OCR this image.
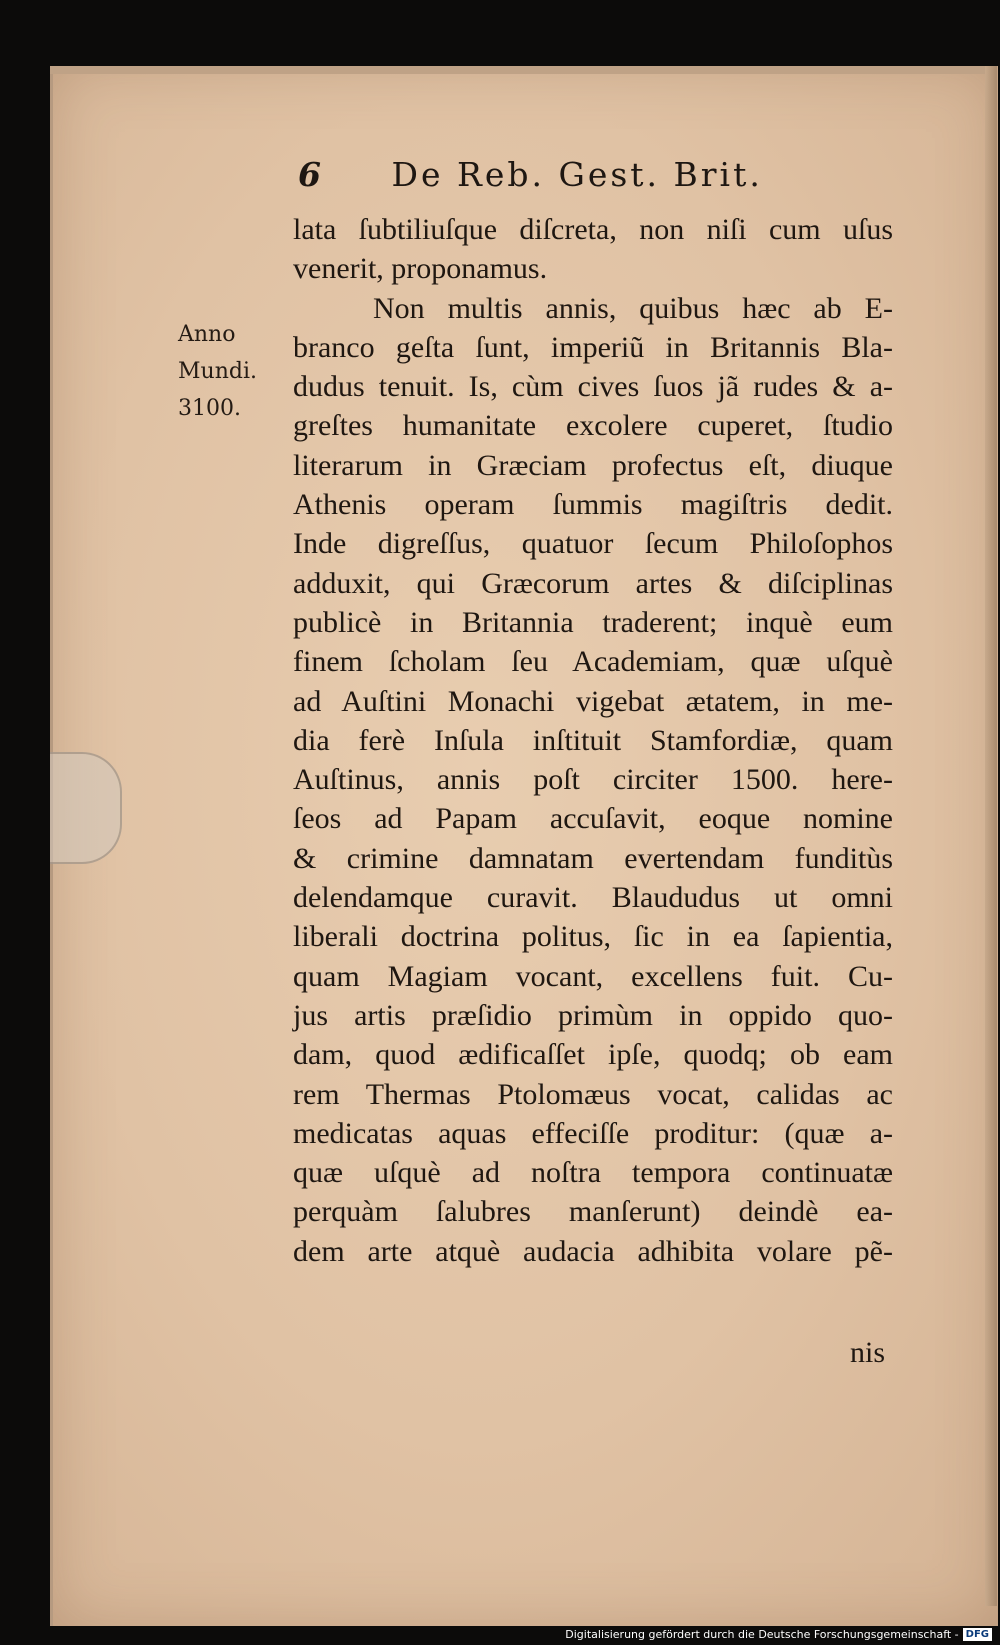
6 De Reb. Gest. Brit.
Anno
Mundi.
3100.
lata ſubtiliuſque diſcreta, non niſi cum uſus
venerit, proponamus.
Non multis annis, quibus hæc ab E-
branco geſta ſunt, imperiũ in Britannis Bla-
dudus tenuit. Is, cùm cives ſuos jã rudes & a-
greſtes humanitate excolere cuperet, ſtudio
literarum in Græciam profectus eſt, diuque
Athenis operam ſummis magiſtris dedit.
Inde digreſſus, quatuor ſecum Philoſophos
adduxit, qui Græcorum artes & diſciplinas
publicè in Britannia traderent; inquè eum
finem ſcholam ſeu Academiam, quæ uſquè
ad Auſtini Monachi vigebat ætatem, in me-
dia ferè Inſula inſtituit Stamfordiæ, quam
Auſtinus, annis poſt circiter 1500. here-
ſeos ad Papam accuſavit, eoque nomine
& crimine damnatam evertendam funditùs
delendamque curavit. Blaududus ut omni
liberali doctrina politus, ſic in ea ſapientia,
quam Magiam vocant, excellens fuit. Cu-
jus artis præſidio primùm in oppido quo-
dam, quod ædificaſſet ipſe, quodq; ob eam
rem Thermas Ptolomæus vocat, calidas ac
medicatas aquas effeciſſe proditur: (quæ a-
quæ uſquè ad noſtra tempora continuatæ
perquàm ſalubres manſerunt) deindè ea-
dem arte atquè audacia adhibita volare pẽ-
nis
Digitalisierung gefördert durch die Deutsche Forschungsgemeinschaft - DFG
